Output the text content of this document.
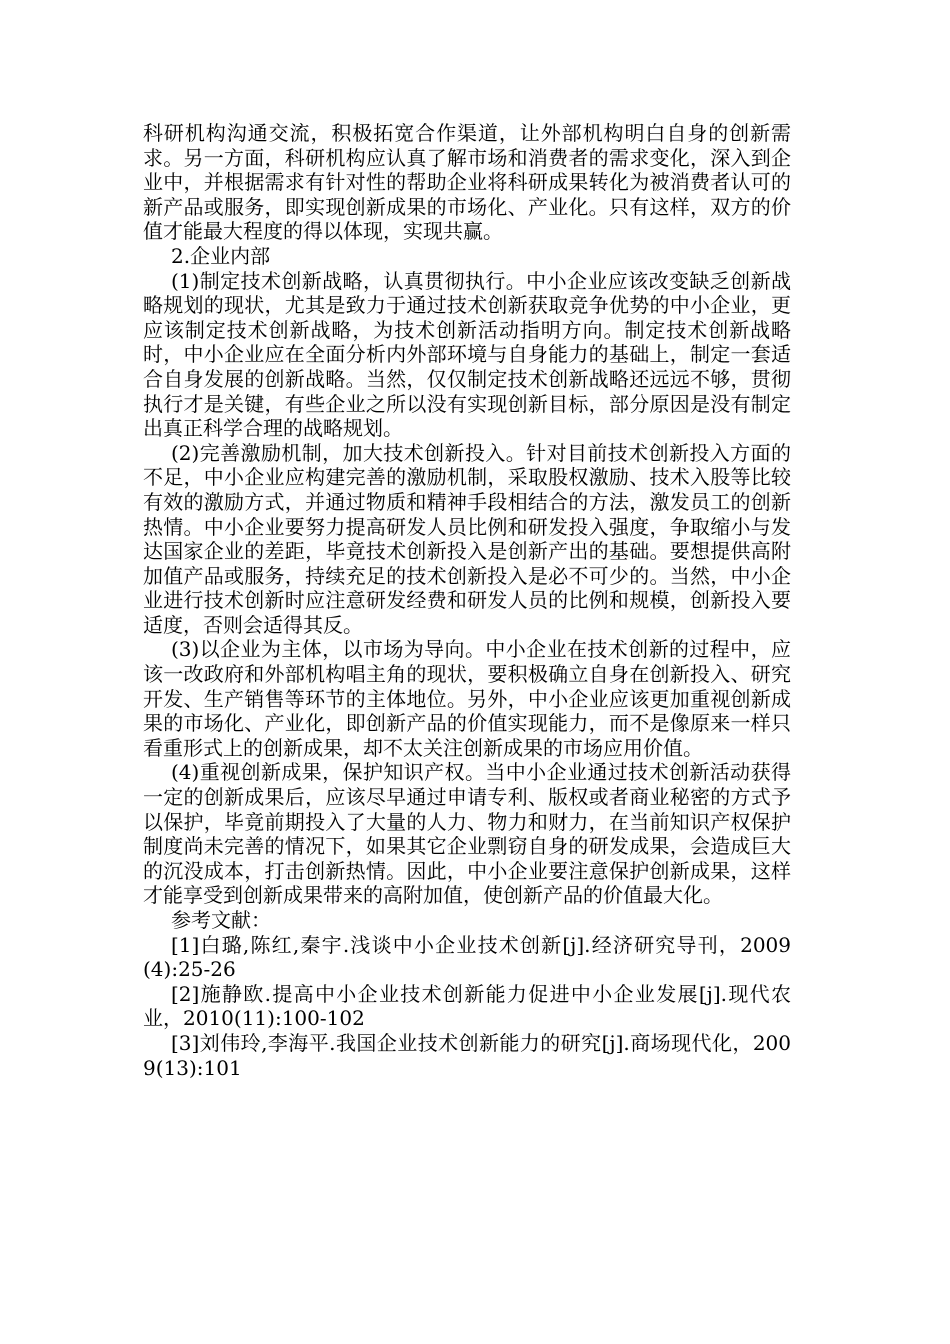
科研机构沟通交流，积极拓宽合作渠道，让外部机构明白自身的创新需求。另一方面，科研机构应认真了解市场和消费者的需求变化，深入到企业中，并根据需求有针对性的帮助企业将科研成果转化为被消费者认可的新产品或服务，即实现创新成果的市场化、产业化。只有这样，双方的价值才能最大程度的得以体现，实现共赢。

2.企业内部

(1)制定技术创新战略，认真贯彻执行。中小企业应该改变缺乏创新战略规划的现状，尤其是致力于通过技术创新获取竞争优势的中小企业，更应该制定技术创新战略，为技术创新活动指明方向。制定技术创新战略时，中小企业应在全面分析内外部环境与自身能力的基础上，制定一套适合自身发展的创新战略。当然，仅仅制定技术创新战略还远远不够，贯彻执行才是关键，有些企业之所以没有实现创新目标，部分原因是没有制定出真正科学合理的战略规划。

(2)完善激励机制，加大技术创新投入。针对目前技术创新投入方面的不足，中小企业应构建完善的激励机制，采取股权激励、技术入股等比较有效的激励方式，并通过物质和精神手段相结合的方法，激发员工的创新热情。中小企业要努力提高研发人员比例和研发投入强度，争取缩小与发达国家企业的差距，毕竟技术创新投入是创新产出的基础。要想提供高附加值产品或服务，持续充足的技术创新投入是必不可少的。当然，中小企业进行技术创新时应注意研发经费和研发人员的比例和规模，创新投入要适度，否则会适得其反。

(3)以企业为主体，以市场为导向。中小企业在技术创新的过程中，应该一改政府和外部机构唱主角的现状，要积极确立自身在创新投入、研究开发、生产销售等环节的主体地位。另外，中小企业应该更加重视创新成果的市场化、产业化，即创新产品的价值实现能力，而不是像原来一样只看重形式上的创新成果，却不太关注创新成果的市场应用价值。

(4)重视创新成果，保护知识产权。当中小企业通过技术创新活动获得一定的创新成果后，应该尽早通过申请专利、版权或者商业秘密的方式予以保护，毕竟前期投入了大量的人力、物力和财力，在当前知识产权保护制度尚未完善的情况下，如果其它企业剽窃自身的研发成果，会造成巨大的沉没成本，打击创新热情。因此，中小企业要注意保护创新成果，这样才能享受到创新成果带来的高附加值，使创新产品的价值最大化。

参考文献：

[1]白璐,陈红,秦宇.浅谈中小企业技术创新[j].经济研究导刊，2009(4):25-26

[2]施静欧.提高中小企业技术创新能力促进中小企业发展[j].现代农业，2010(11):100-102

[3]刘伟玲,李海平.我国企业技术创新能力的研究[j].商场现代化，2009(13):101
